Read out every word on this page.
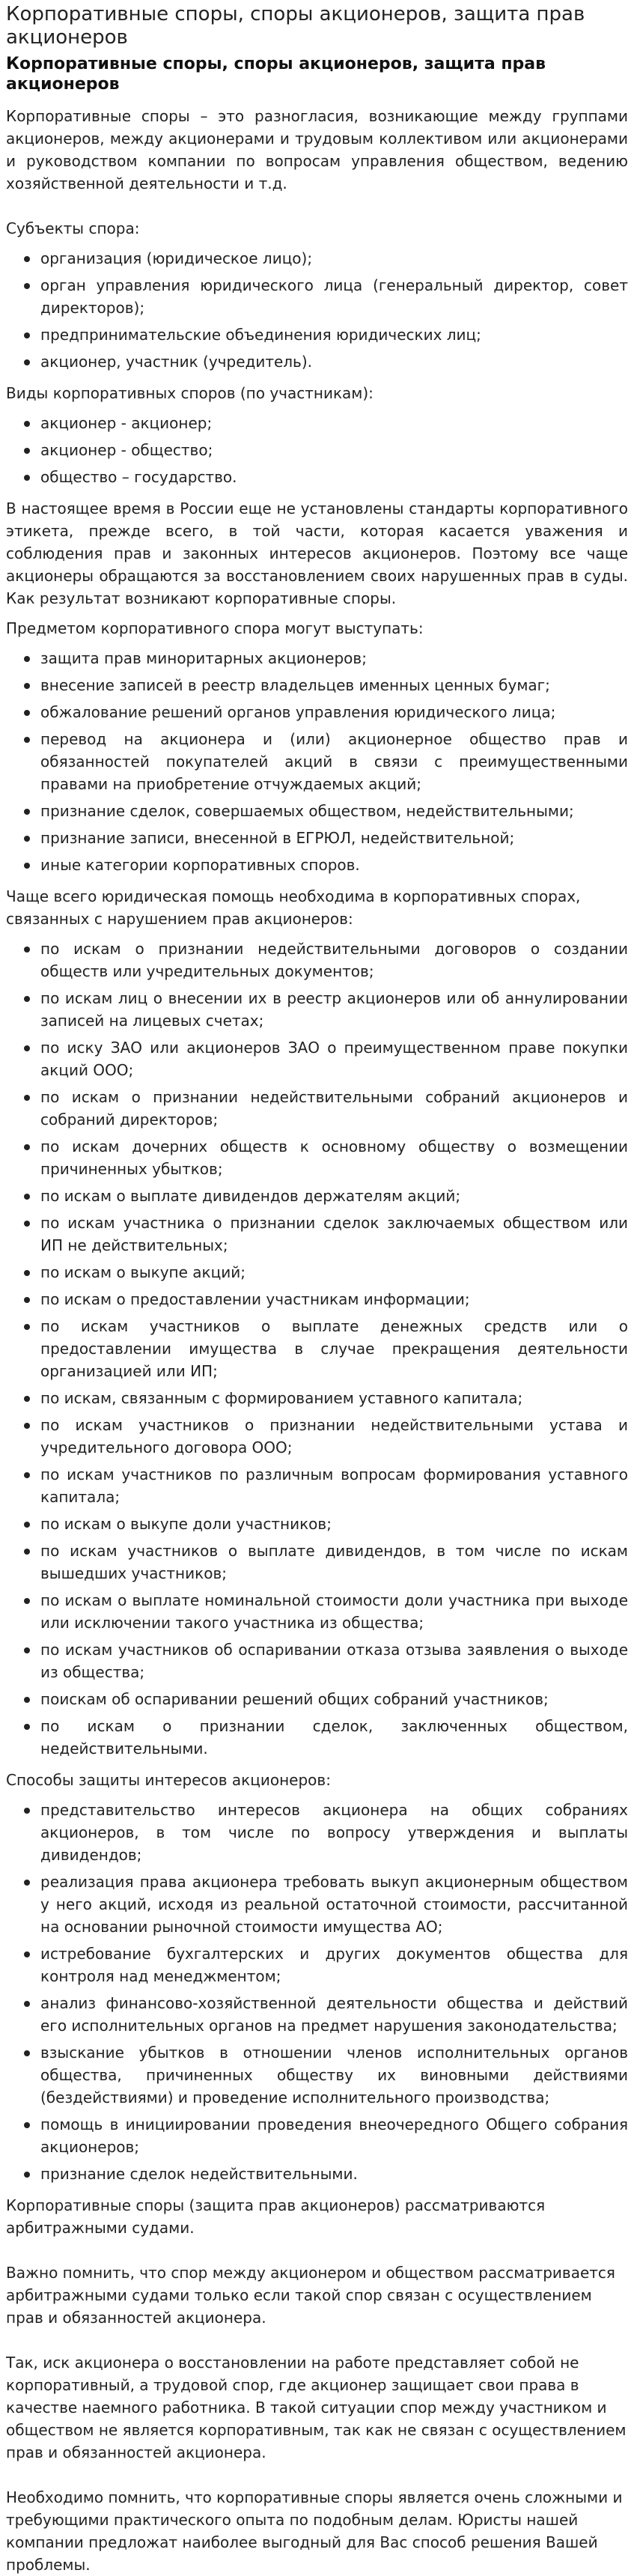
Корпоративные споры, споры акционеров, защита прав акционеров
Корпоративные споры, споры акционеров, защита прав акционеров

Корпоративные споры – это разногласия, возникающие между группами акционеров, между акционерами и трудовым коллективом или акционерами и руководством компании по вопросам управления обществом, ведению хозяйственной деятельности и т.д.

Субъекты спора:

организация (юридическое лицо);
орган управления юридического лица (генеральный директор, совет директоров);
предпринимательские объединения юридических лиц;
акционер, участник (учредитель).

Виды корпоративных споров (по участникам):

акционер - акционер;
акционер - общество;
общество – государство.

В настоящее время в России еще не установлены стандарты корпоративного этикета, прежде всего, в той части, которая касается уважения и соблюдения прав и законных интересов акционеров. Поэтому все чаще акционеры обращаются за восстановлением своих нарушенных прав в суды. Как результат возникают корпоративные споры.

Предметом корпоративного спора могут выступать:

защита прав миноритарных акционеров;
внесение записей в реестр владельцев именных ценных бумаг;
обжалование решений органов управления юридического лица;
перевод на акционера и (или) акционерное общество прав и обязанностей покупателей акций в связи с преимущественными правами на приобретение отчуждаемых акций;
признание сделок, совершаемых обществом, недействительными;
признание записи, внесенной в ЕГРЮЛ, недействительной;
иные категории корпоративных споров.

Чаще всего юридическая помощь необходима в корпоративных спорах, связанных с нарушением прав акционеров:

по искам о признании недействительными договоров о создании обществ или учредительных документов;
по искам лиц о внесении их в реестр акционеров или об аннулировании записей на лицевых счетах;
по иску ЗАО или акционеров ЗАО о преимущественном праве покупки акций ООО;
по искам о признании недействительными собраний акционеров и собраний директоров;
по искам дочерних обществ к основному обществу о возмещении причиненных убытков;
по искам о выплате дивидендов держателям акций;
по искам участника о признании сделок заключаемых обществом или ИП не действительных;
по искам о выкупе акций;
по искам о предоставлении участникам информации;
по искам участников о выплате денежных средств или о предоставлении имущества в случае прекращения деятельности организацией или ИП;
по искам, связанным с формированием уставного капитала;
по искам участников о признании недействительными устава и учредительного договора ООО;
по искам участников по различным вопросам формирования уставного капитала;
по искам о выкупе доли участников;
по искам участников о выплате дивидендов, в том числе по искам вышедших участников;
по искам о выплате номинальной стоимости доли участника при выходе или исключении такого участника из общества;
по искам участников об оспаривании отказа отзыва заявления о выходе из общества;
поискам об оспаривании решений общих собраний участников;
по искам о признании сделок, заключенных обществом, недействительными.

Способы защиты интересов акционеров:

представительство интересов акционера на общих собраниях акционеров, в том числе по вопросу утверждения и выплаты дивидендов;
реализация права акционера требовать выкуп акционерным обществом у него акций, исходя из реальной остаточной стоимости, рассчитанной на основании рыночной стоимости имущества АО;
истребование бухгалтерских и других документов общества для контроля над менеджментом;
анализ финансово-хозяйственной деятельности общества и действий его исполнительных органов на предмет нарушения законодательства;
взыскание убытков в отношении членов исполнительных органов общества, причиненных обществу их виновными действиями (бездействиями) и проведение исполнительного производства;
помощь в инициировании проведения внеочередного Общего собрания акционеров;
признание сделок недействительными.

Корпоративные споры (защита прав акционеров) рассматриваются арбитражными судами.

Важно помнить, что спор между акционером и обществом рассматривается арбитражными судами только если такой спор связан с осуществлением прав и обязанностей акционера.

Так, иск акционера о восстановлении на работе представляет собой не корпоративный, а трудовой спор, где акционер защищает свои права в качестве наемного работника. В такой ситуации спор между участником и обществом не является корпоративным, так как не связан с осуществлением прав и обязанностей акционера.

Необходимо помнить, что корпоративные споры является очень сложными и требующими практического опыта по подобным делам. Юристы нашей компании предложат наиболее выгодный для Вас способ решения Вашей проблемы.
